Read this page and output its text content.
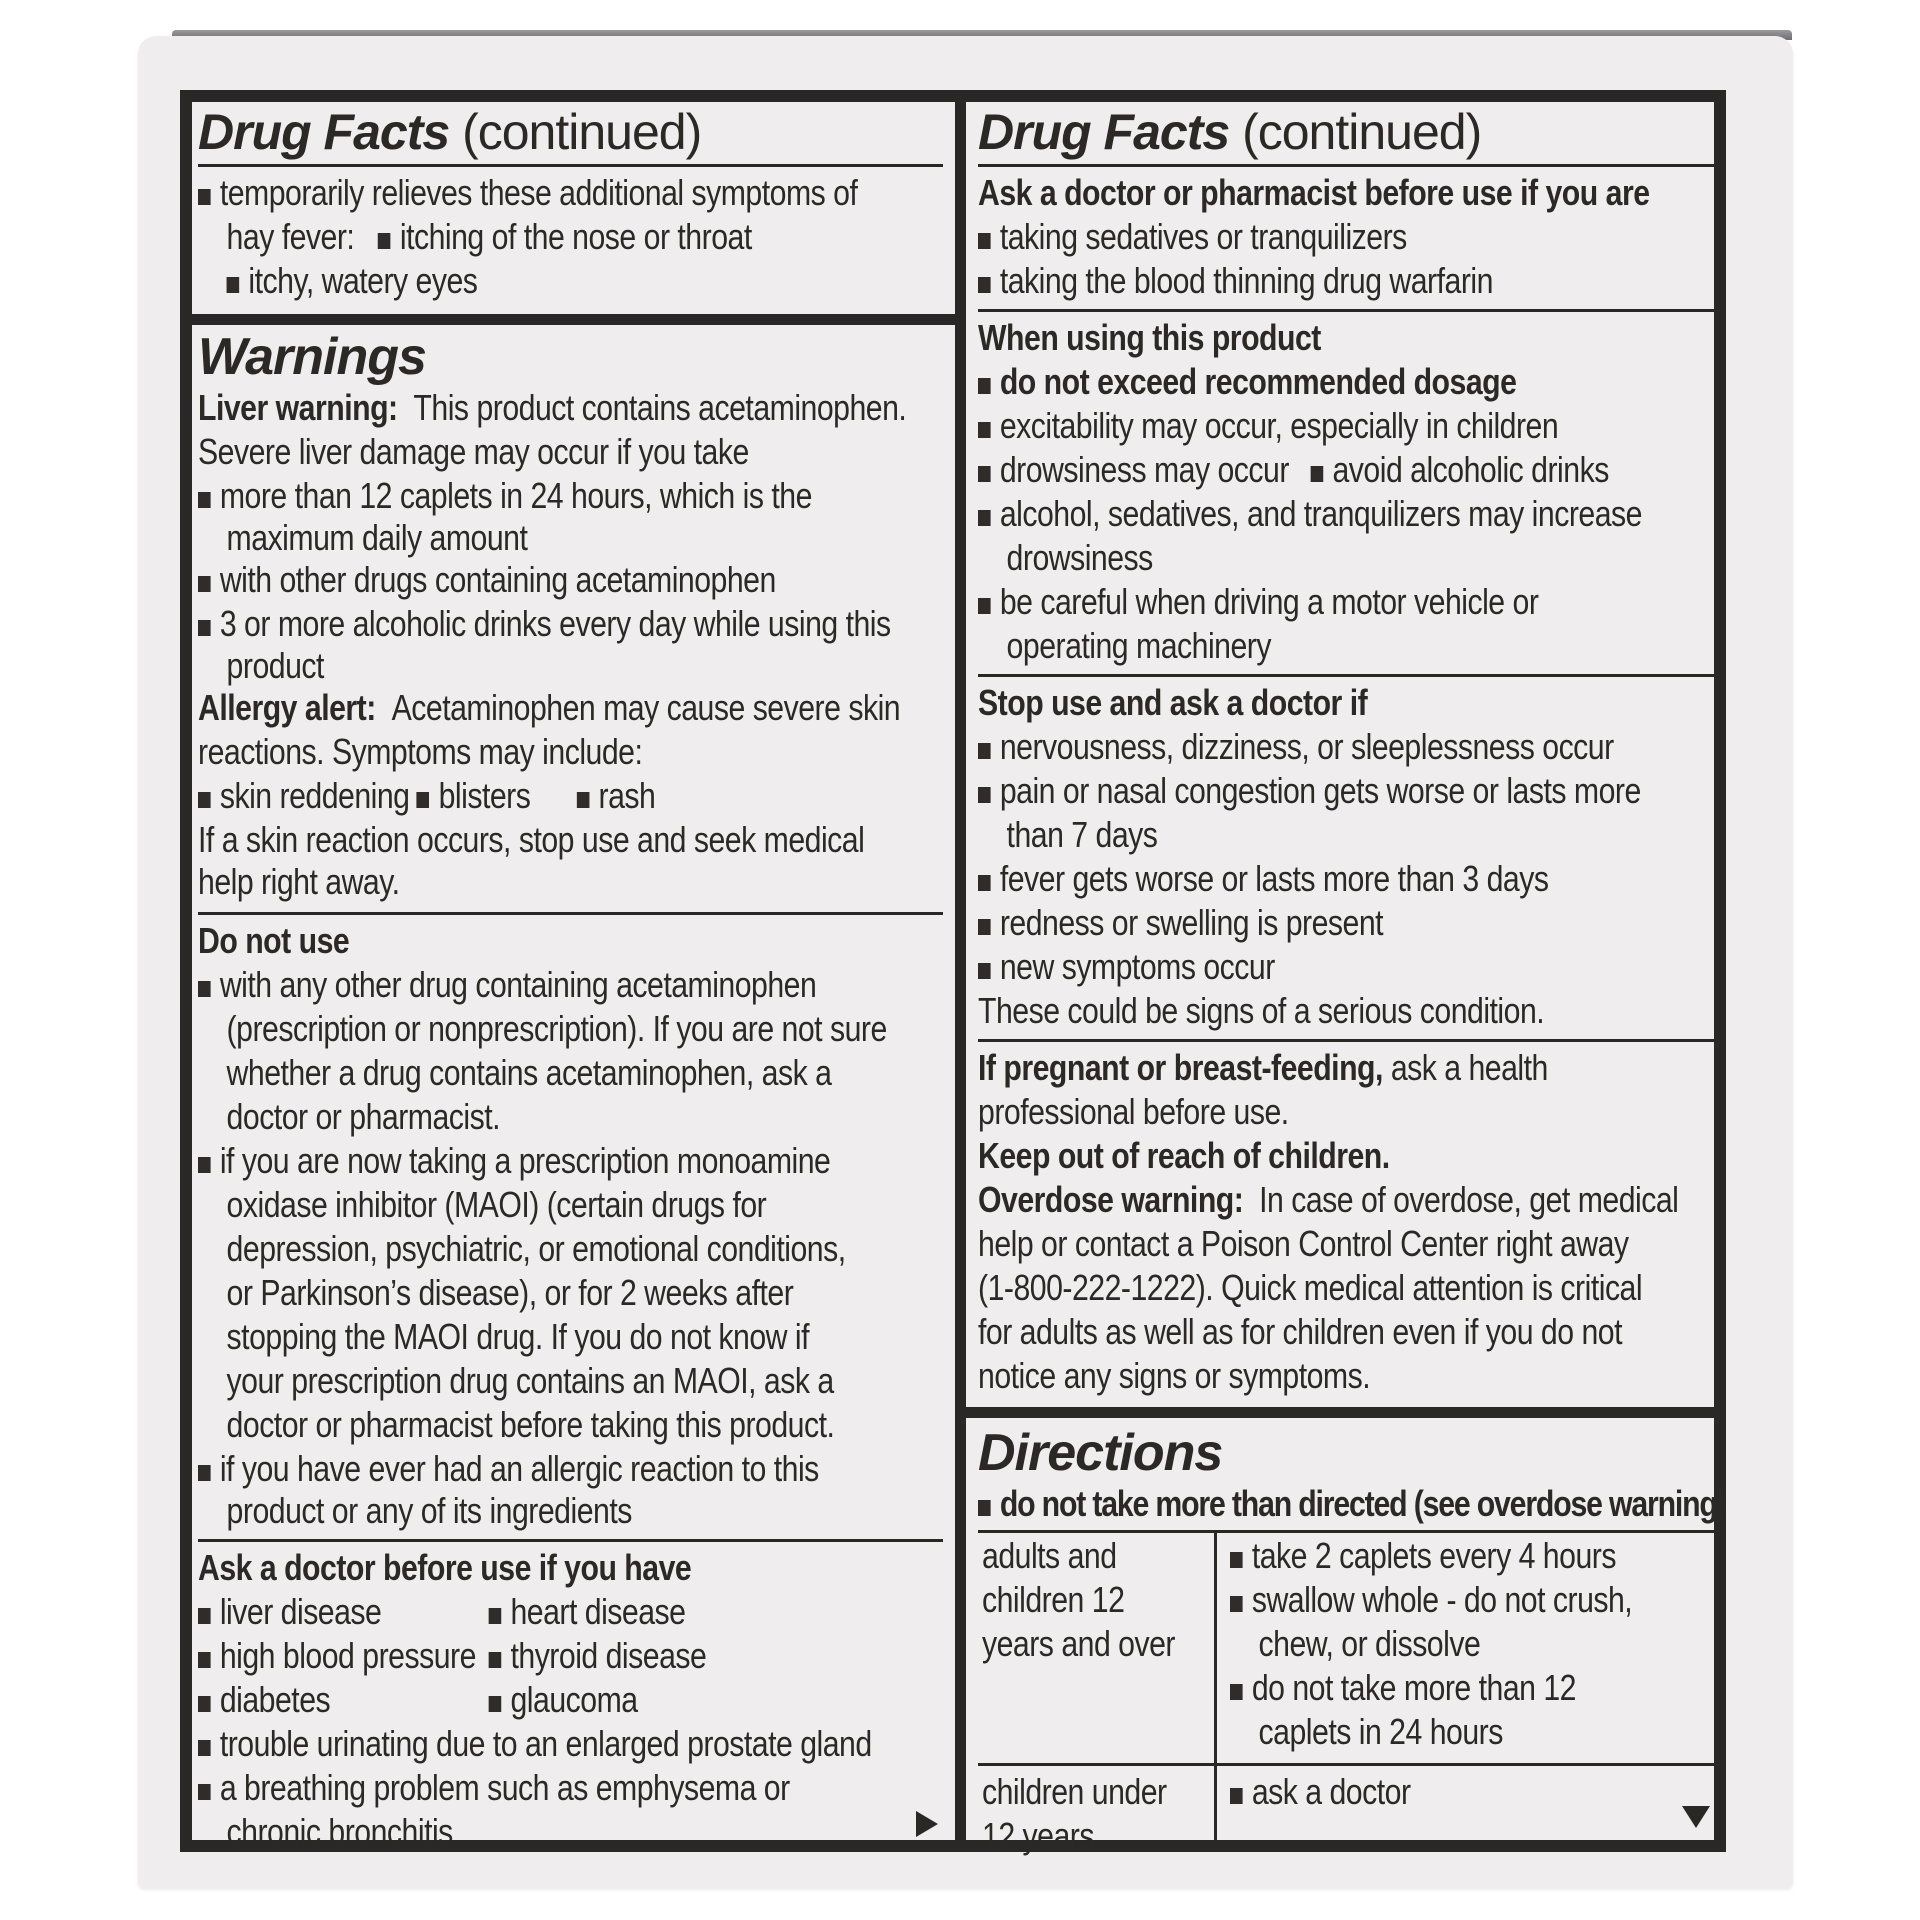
Drug Facts (continued)
temporarily relieves these additional symptoms of
hay fever: itching of the nose or throat
itchy, watery eyes
Warnings
Liver warning: This product contains acetaminophen.
Severe liver damage may occur if you take
more than 12 caplets in 24 hours, which is the
maximum daily amount
with other drugs containing acetaminophen
3 or more alcoholic drinks every day while using this
product
Allergy alert: Acetaminophen may cause severe skin
reactions. Symptoms may include:
skin reddening blisters rash
If a skin reaction occurs, stop use and seek medical
help right away.
Do not use
with any other drug containing acetaminophen
(prescription or nonprescription). If you are not sure
whether a drug contains acetaminophen, ask a
doctor or pharmacist.
if you are now taking a prescription monoamine
oxidase inhibitor (MAOI) (certain drugs for
depression, psychiatric, or emotional conditions,
or Parkinson’s disease), or for 2 weeks after
stopping the MAOI drug. If you do not know if
your prescription drug contains an MAOI, ask a
doctor or pharmacist before taking this product.
if you have ever had an allergic reaction to this
product or any of its ingredients
Ask a doctor before use if you have
liver disease	heart disease
high blood pressure thyroid disease
diabetes	glaucoma
trouble urinating due to an enlarged prostate gland
a breathing problem such as emphysema or
chronic bronchitis
Drug Facts (continued)
Ask a doctor or pharmacist before use if you are
taking sedatives or tranquilizers
taking the blood thinning drug warfarin
When using this product
do not exceed recommended dosage
excitability may occur, especially in children
drowsiness may occur avoid alcoholic drinks
alcohol, sedatives, and tranquilizers may increase
drowsiness
be careful when driving a motor vehicle or
operating machinery
Stop use and ask a doctor if
nervousness, dizziness, or sleeplessness occur
pain or nasal congestion gets worse or lasts more
than 7 days
fever gets worse or lasts more than 3 days
redness or swelling is present
new symptoms occur
These could be signs of a serious condition.
If pregnant or breast-feeding, ask a health
professional before use.
Keep out of reach of children.
Overdose warning: In case of overdose, get medical
help or contact a Poison Control Center right away
(1-800-222-1222). Quick medical attention is critical
for adults as well as for children even if you do not
notice any signs or symptoms.
Directions
do not take more than directed (see overdose warning)
adults and
children 12
years and over
take 2 caplets every 4 hours
swallow whole - do not crush,
chew, or dissolve
do not take more than 12
caplets in 24 hours
children under
12 years
ask a doctor
